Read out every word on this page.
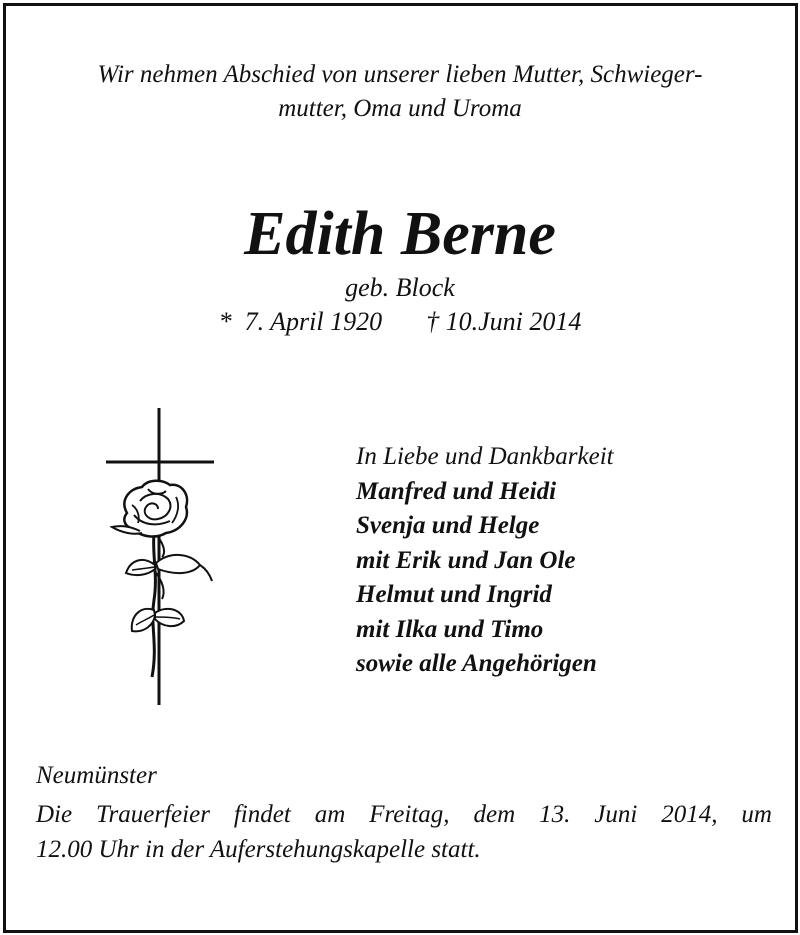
Wir nehmen Abschied von unserer lieben Mutter, Schwieger-
mutter, Oma und Uroma
Edith Berne
geb. Block
*  7. April 1920 † 10.Juni 2014
In Liebe und Dankbarkeit
Manfred und Heidi
Svenja und Helge
mit Erik und Jan Ole
Helmut und Ingrid
mit Ilka und Timo
sowie alle Angehörigen
Neumünster
Die Trauerfeier findet am Freitag, dem 13. Juni 2014, um
12.00 Uhr in der Auferstehungskapelle statt.
